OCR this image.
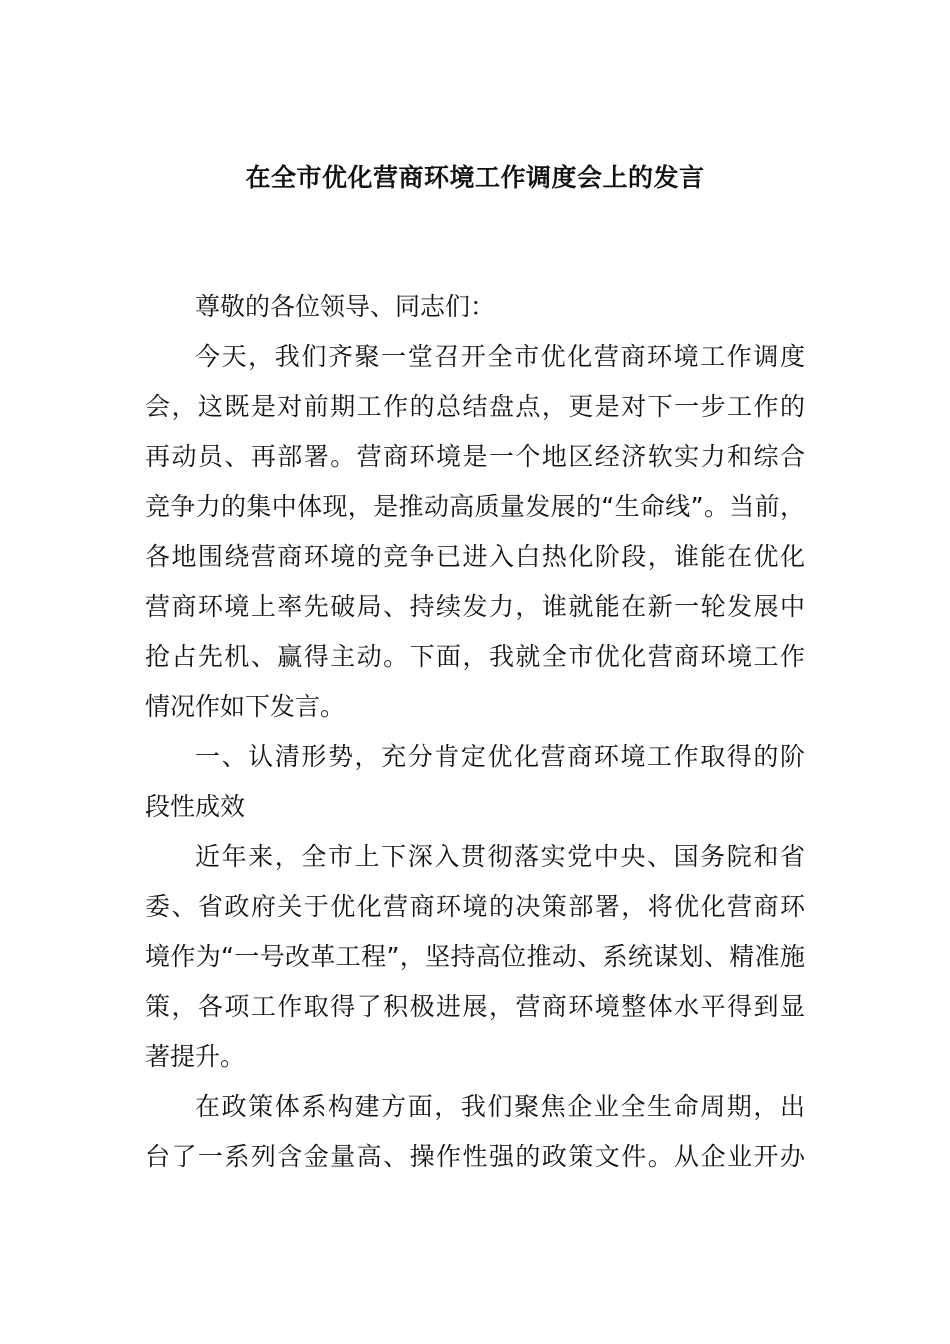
在全市优化营商环境工作调度会上的发言
尊敬的各位领导、同志们：
今天，我们齐聚一堂召开全市优化营商环境工作调度
会，这既是对前期工作的总结盘点，更是对下一步工作的
再动员、再部署。营商环境是一个地区经济软实力和综合
竞争力的集中体现，是推动高质量发展的“生命线”。当前，
各地围绕营商环境的竞争已进入白热化阶段，谁能在优化
营商环境上率先破局、持续发力，谁就能在新一轮发展中
抢占先机、赢得主动。下面，我就全市优化营商环境工作
情况作如下发言。
一、认清形势，充分肯定优化营商环境工作取得的阶
段性成效
近年来，全市上下深入贯彻落实党中央、国务院和省
委、省政府关于优化营商环境的决策部署，将优化营商环
境作为“一号改革工程”，坚持高位推动、系统谋划、精准施
策，各项工作取得了积极进展，营商环境整体水平得到显
著提升。
在政策体系构建方面，我们聚焦企业全生命周期，出
台了一系列含金量高、操作性强的政策文件。从企业开办
